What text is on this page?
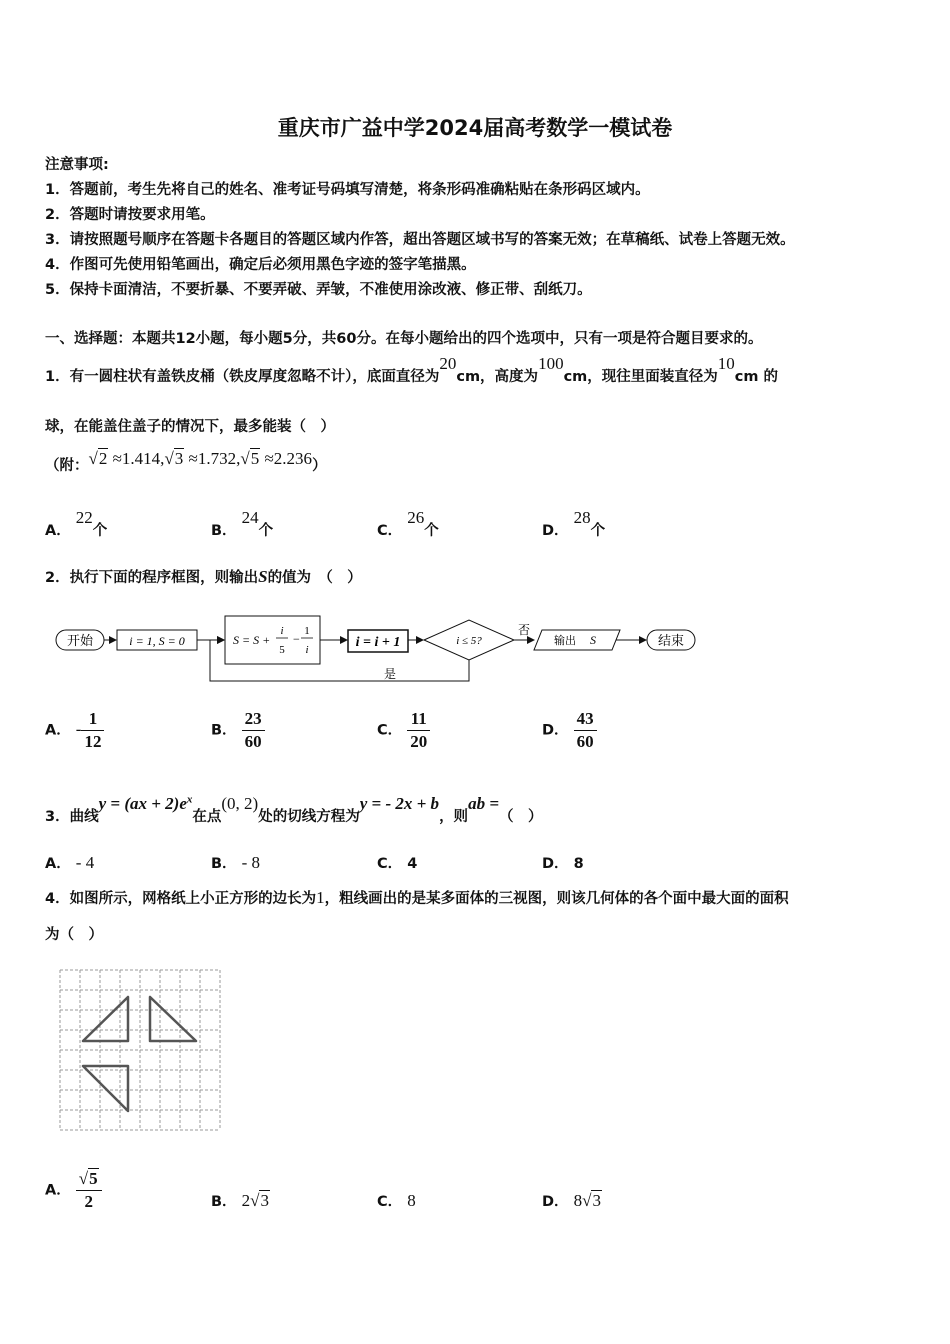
重庆市广益中学2024届高考数学一模试卷
注意事项:
1．答题前，考生先将自己的姓名、准考证号码填写清楚，将条形码准确粘贴在条形码区域内。
2．答题时请按要求用笔。
3．请按照题号顺序在答题卡各题目的答题区域内作答，超出答题区域书写的答案无效；在草稿纸、试卷上答题无效。
4．作图可先使用铅笔画出，确定后必须用黑色字迹的签字笔描黑。
5．保持卡面清洁，不要折暴、不要弄破、弄皱，不准使用涂改液、修正带、刮纸刀。
一、选择题：本题共12小题，每小题5分，共60分。在每小题给出的四个选项中，只有一项是符合题目要求的。
1．有一圆柱状有盖铁皮桶（铁皮厚度忽略不计），底面直径为20cm，高度为100cm，现往里面装直径为10cm 的
球，在能盖住盖子的情况下，最多能装（　）
（附：√2 ≈1.414,√3 ≈1.732,√5 ≈2.236）
A． 22个	B． 24个	C． 26个	D． 28个
2．执行下面的程序框图，则输出S的值为　（　）
开始	i = 1, S = 0	S = S +
i
5
−
1
i	i = i + 1	i ≤ 5?
否
是
输出 S	结束
A． - $\frac{1}{12}$	B． $\frac{23}{60}$	C． $\frac{11}{20}$	D． $\frac{43}{60}$
3．曲线$y = (ax + 2)e^x$在点(0, 2)处的切线方程为y = - 2x + b，则ab =（　）
A． - 4	B． - 8	C． 4	D． 8
4．如图所示，网格纸上小正方形的边长为1，粗线画出的是某多面体的三视图，则该几何体的各个面中最大面的面积
为（　）
A． $\frac{√5}{2}$	B． 2√3	C． 8	D． 8√3
